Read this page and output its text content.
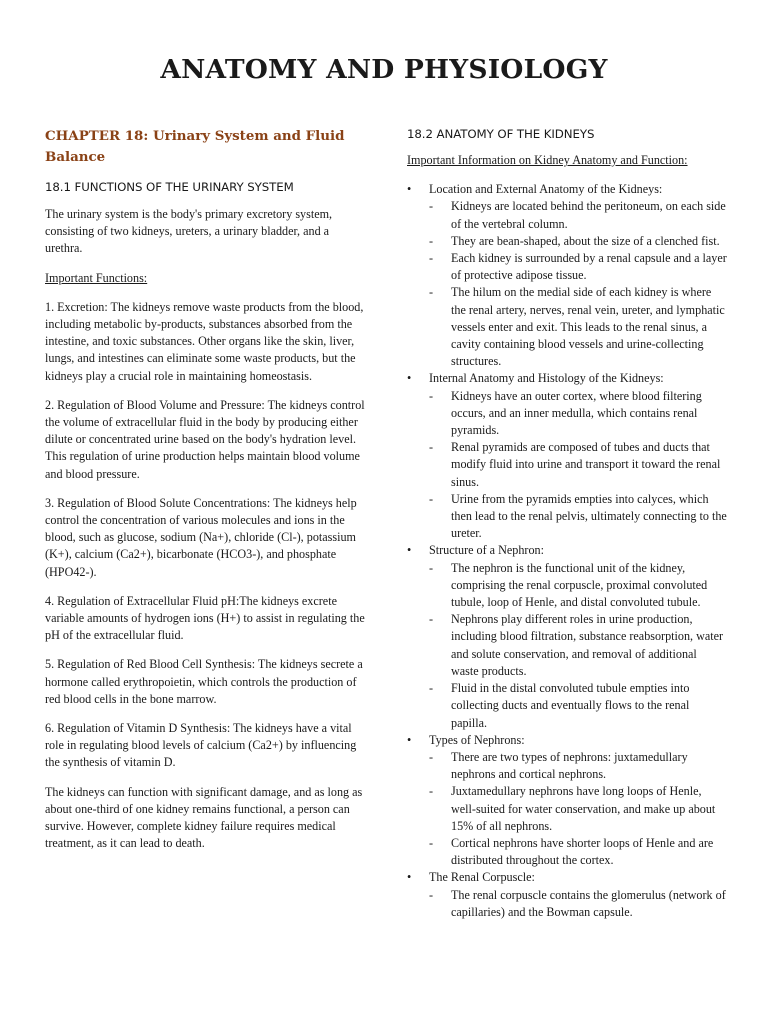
ANATOMY AND PHYSIOLOGY
CHAPTER 18: Urinary System and Fluid Balance
18.1 FUNCTIONS OF THE URINARY SYSTEM

The urinary system is the body's primary excretory system, consisting of two kidneys, ureters, a urinary bladder, and a urethra.

Important Functions:

1. Excretion: The kidneys remove waste products from the blood, including metabolic by-products, substances absorbed from the intestine, and toxic substances. Other organs like the skin, liver, lungs, and intestines can eliminate some waste products, but the kidneys play a crucial role in maintaining homeostasis.

2. Regulation of Blood Volume and Pressure: The kidneys control the volume of extracellular fluid in the body by producing either dilute or concentrated urine based on the body's hydration level. This regulation of urine production helps maintain blood volume and blood pressure.

3. Regulation of Blood Solute Concentrations: The kidneys help control the concentration of various molecules and ions in the blood, such as glucose, sodium (Na+), chloride (Cl-), potassium (K+), calcium (Ca2+), bicarbonate (HCO3-), and phosphate (HPO42-).

4. Regulation of Extracellular Fluid pH:The kidneys excrete variable amounts of hydrogen ions (H+) to assist in regulating the pH of the extracellular fluid.

5. Regulation of Red Blood Cell Synthesis: The kidneys secrete a hormone called erythropoietin, which controls the production of red blood cells in the bone marrow.

6. Regulation of Vitamin D Synthesis: The kidneys have a vital role in regulating blood levels of calcium (Ca2+) by influencing the synthesis of vitamin D.

The kidneys can function with significant damage, and as long as about one-third of one kidney remains functional, a person can survive. However, complete kidney failure requires medical treatment, as it can lead to death.

18.2 ANATOMY OF THE KIDNEYS

Important Information on Kidney Anatomy and Function:

•	Location and External Anatomy of the Kidneys:
- Kidneys are located behind the peritoneum, on each side of the vertebral column.
- They are bean-shaped, about the size of a clenched fist.
- Each kidney is surrounded by a renal capsule and a layer of protective adipose tissue.
- The hilum on the medial side of each kidney is where the renal artery, nerves, renal vein, ureter, and lymphatic vessels enter and exit. This leads to the renal sinus, a cavity containing blood vessels and urine-collecting structures.
•	Internal Anatomy and Histology of the Kidneys:
- Kidneys have an outer cortex, where blood filtering occurs, and an inner medulla, which contains renal pyramids.
- Renal pyramids are composed of tubes and ducts that modify fluid into urine and transport it toward the renal sinus.
- Urine from the pyramids empties into calyces, which then lead to the renal pelvis, ultimately connecting to the ureter.
•	Structure of a Nephron:
- The nephron is the functional unit of the kidney, comprising the renal corpuscle, proximal convoluted tubule, loop of Henle, and distal convoluted tubule.
- Nephrons play different roles in urine production, including blood filtration, substance reabsorption, water and solute conservation, and removal of additional waste products.
- Fluid in the distal convoluted tubule empties into collecting ducts and eventually flows to the renal papilla.
•	Types of Nephrons:
- There are two types of nephrons: juxtamedullary nephrons and cortical nephrons.
- Juxtamedullary nephrons have long loops of Henle, well-suited for water conservation, and make up about 15% of all nephrons.
- Cortical nephrons have shorter loops of Henle and are distributed throughout the cortex.
•	The Renal Corpuscle:
- The renal corpuscle contains the glomerulus (network of capillaries) and the Bowman capsule.
